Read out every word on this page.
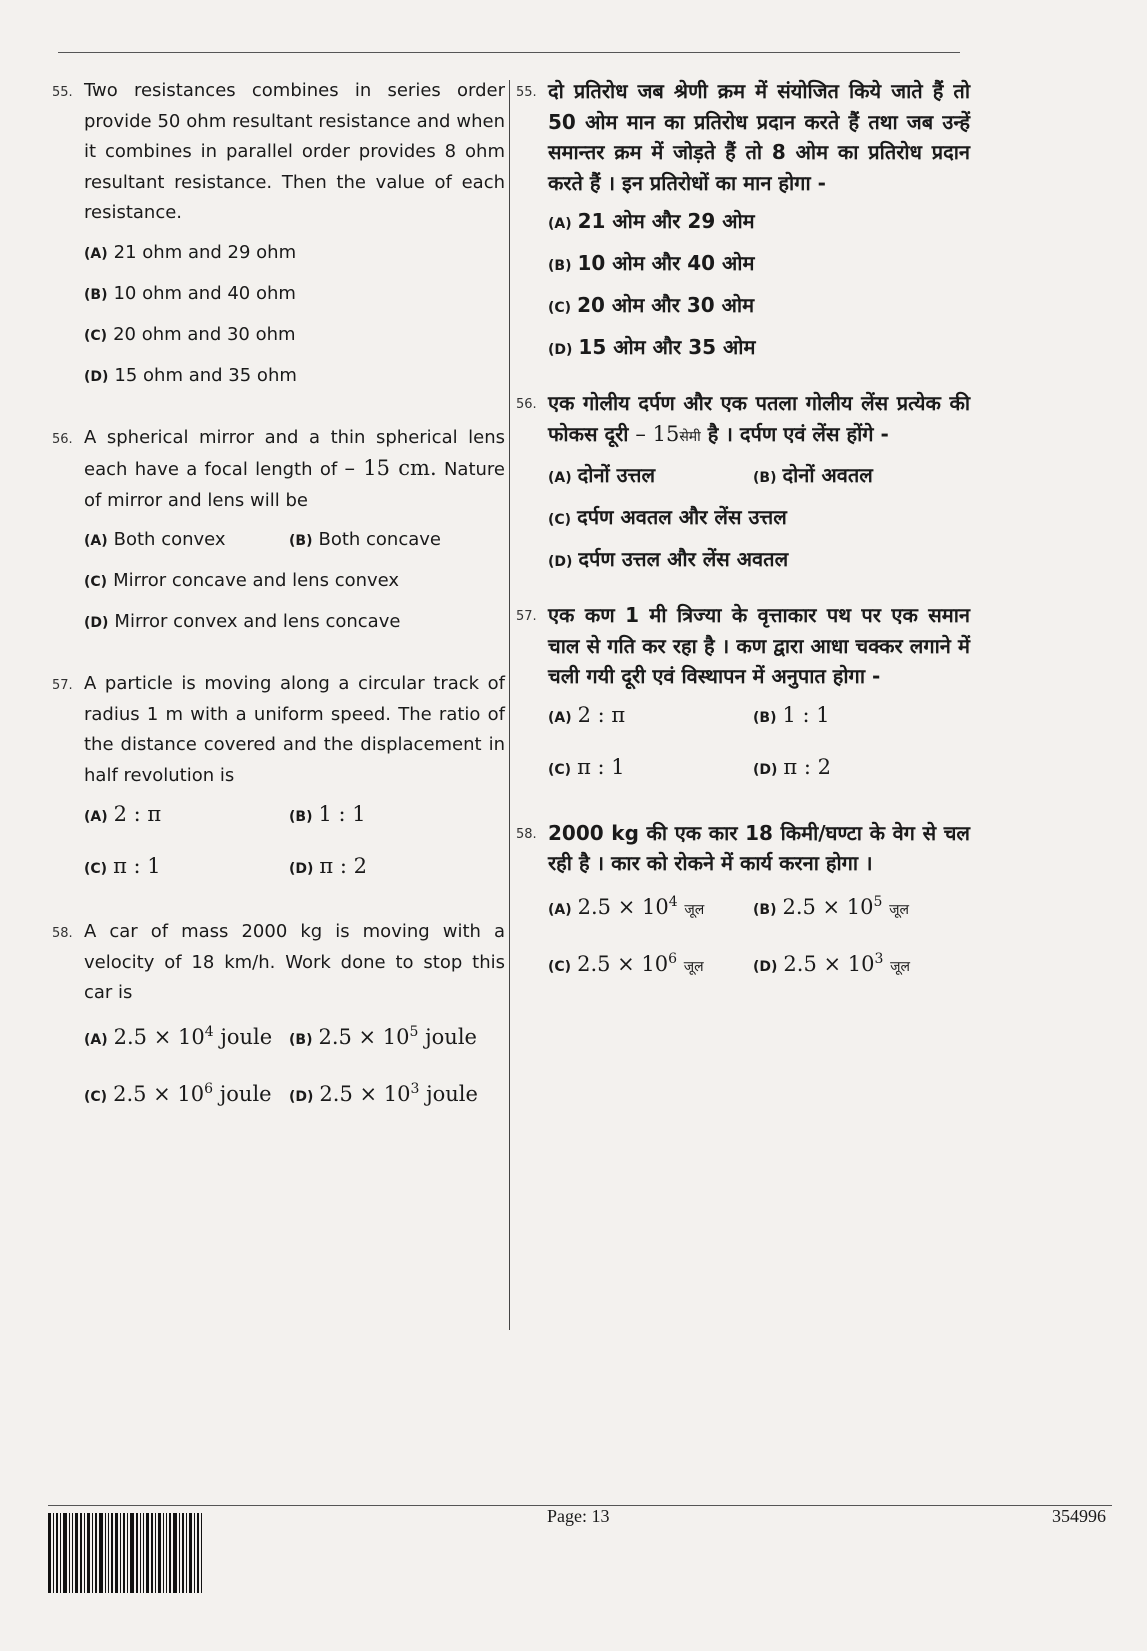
55. Two resistances combines in series order provide 50 ohm resultant resistance and when it combines in parallel order provides 8 ohm resultant resistance. Then the value of each resistance.
(A) 21 ohm and 29 ohm
(B) 10 ohm and 40 ohm
(C) 20 ohm and 30 ohm
(D) 15 ohm and 35 ohm
56. A spherical mirror and a thin spherical lens each have a focal length of – 15 cm. Nature of mirror and lens will be
(A) Both convex	(B) Both concave
(C) Mirror concave and lens convex
(D) Mirror convex and lens concave
57. A particle is moving along a circular track of radius 1 m with a uniform speed. The ratio of the distance covered and the displacement in half revolution is
(A) 2 : π	(B) 1 : 1
(C) π : 1	(D) π : 2
58. A car of mass 2000 kg is moving with a velocity of 18 km/h. Work done to stop this car is
(A) $2.5 \times 10^4$ joule	(B) $2.5 \times 10^5$ joule
(C) $2.5 \times 10^6$ joule	(D) $2.5 \times 10^3$ joule
55. दो प्रतिरोध जब श्रेणी क्रम में संयोजित किये जाते हैं तो 50 ओम मान का प्रतिरोध प्रदान करते हैं तथा जब उन्हें समान्तर क्रम में जोड़ते हैं तो 8 ओम का प्रतिरोध प्रदान करते हैं । इन प्रतिरोधों का मान होगा -
(A) 21 ओम और 29 ओम
(B) 10 ओम और 40 ओम
(C) 20 ओम और 30 ओम
(D) 15 ओम और 35 ओम
56. एक गोलीय दर्पण और एक पतला गोलीय लेंस प्रत्येक की फोकस दूरी – 15सेमी है । दर्पण एवं लेंस होंगे -
(A) दोनों उत्तल	(B) दोनों अवतल
(C) दर्पण अवतल और लेंस उत्तल
(D) दर्पण उत्तल और लेंस अवतल
57. एक कण 1 मी त्रिज्या के वृत्ताकार पथ पर एक समान चाल से गति कर रहा है । कण द्वारा आधा चक्कर लगाने में चली गयी दूरी एवं विस्थापन में अनुपात होगा -
(A) 2 : π	(B) 1 : 1
(C) π : 1	(D) π : 2
58. 2000 kg की एक कार 18 किमी/घण्टा के वेग से चल रही है । कार को रोकने में कार्य करना होगा ।
(A) $2.5 \times 10^4$ जूल	(B) $2.5 \times 10^5$ जूल
(C) $2.5 \times 10^6$ जूल	(D) $2.5 \times 10^3$ जूल
Page: 13	354996
